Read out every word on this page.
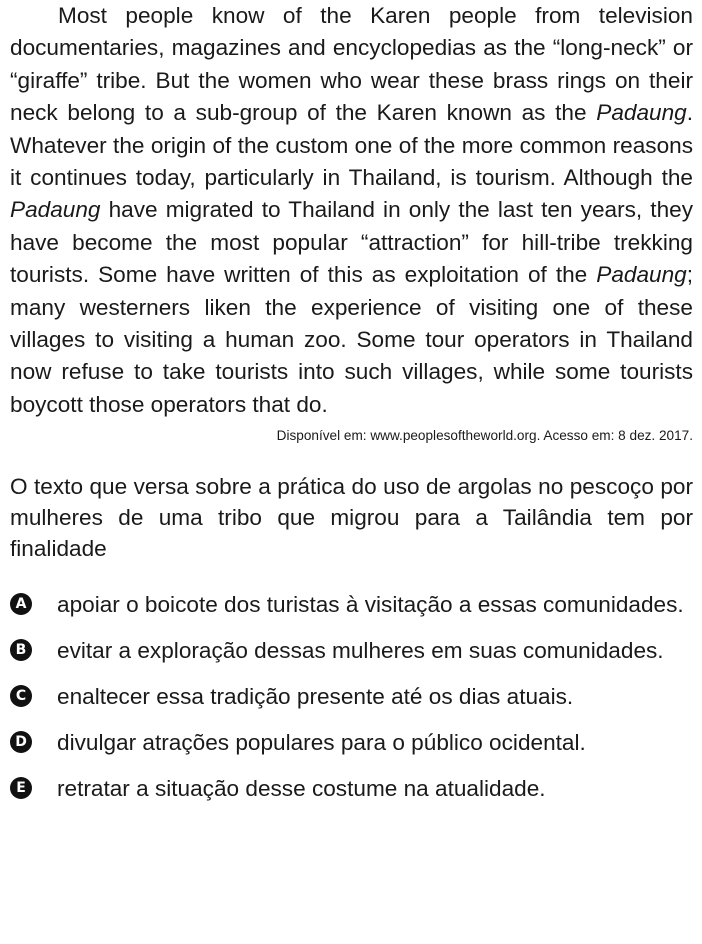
Most people know of the Karen people from television documentaries, magazines and encyclopedias as the “long-neck” or “giraffe” tribe. But the women who wear these brass rings on their neck belong to a sub-group of the Karen known as the Padaung. Whatever the origin of the custom one of the more common reasons it continues today, particularly in Thailand, is tourism. Although the Padaung have migrated to Thailand in only the last ten years, they have become the most popular “attraction” for hill-tribe trekking tourists. Some have written of this as exploitation of the Padaung; many westerners liken the experience of visiting one of these villages to visiting a human zoo. Some tour operators in Thailand now refuse to take tourists into such villages, while some tourists boycott those operators that do.

Disponível em: www.peoplesoftheworld.org. Acesso em: 8 dez. 2017.

O texto que versa sobre a prática do uso de argolas no pescoço por mulheres de uma tribo que migrou para a Tailândia tem por finalidade

A apoiar o boicote dos turistas à visitação a essas comunidades.
B evitar a exploração dessas mulheres em suas comunidades.
C enaltecer essa tradição presente até os dias atuais.
D divulgar atrações populares para o público ocidental.
E retratar a situação desse costume na atualidade.
